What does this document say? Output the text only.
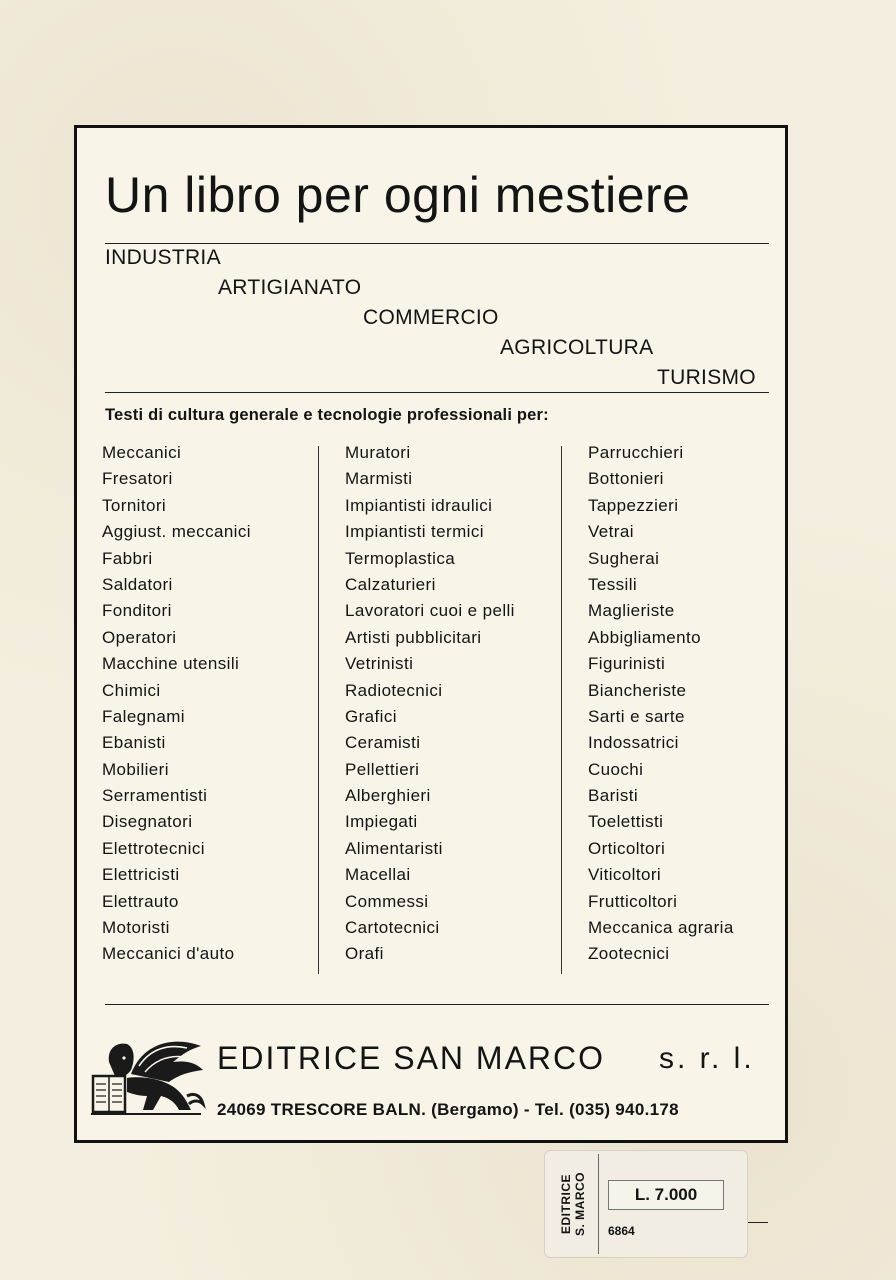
Un libro per ogni mestiere
INDUSTRIA
ARTIGIANATO
COMMERCIO
AGRICOLTURA
TURISMO
Testi di cultura generale e tecnologie professionali per:
Meccanici
Fresatori
Tornitori
Aggiust. meccanici
Fabbri
Saldatori
Fonditori
Operatori
Macchine utensili
Chimici
Falegnami
Ebanisti
Mobilieri
Serramentisti
Disegnatori
Elettrotecnici
Elettricisti
Elettrauto
Motoristi
Meccanici d'auto
Muratori
Marmisti
Impiantisti idraulici
Impiantisti termici
Termoplastica
Calzaturieri
Lavoratori cuoi e pelli
Artisti pubblicitari
Vetrinisti
Radiotecnici
Grafici
Ceramisti
Pellettieri
Alberghieri
Impiegati
Alimentaristi
Macellai
Commessi
Cartotecnici
Orafi
Parrucchieri
Bottonieri
Tappezzieri
Vetrai
Sugherai
Tessili
Maglieriste
Abbigliamento
Figurinisti
Biancheriste
Sarti e sarte
Indossatrici
Cuochi
Baristi
Toelettisti
Orticoltori
Viticoltori
Frutticoltori
Meccanica agraria
Zootecnici
EDITRICE SAN MARCO s. r. l.
24069 TRESCORE BALN. (Bergamo) - Tel. (035) 940.178
EDITRICE
S. MARCO	L. 7.000
6864
